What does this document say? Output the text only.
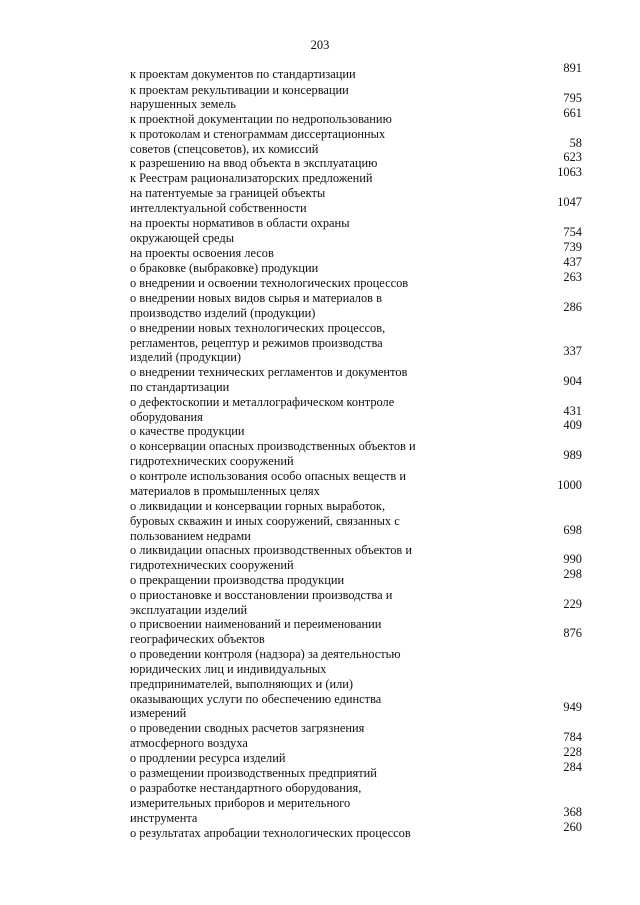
203
к проектам документов по стандартизации	891
к проектам рекультивации и консервации
нарушенных земель	795
к проектной документации по недропользованию	661
к протоколам и стенограммам диссертационных
советов (спецсоветов), их комиссий	58
к разрешению на ввод объекта в эксплуатацию	623
к Реестрам рационализаторских предложений	1063
на патентуемые за границей объекты
интеллектуальной собственности	1047
на проекты нормативов в области охраны
окружающей среды	754
на проекты освоения лесов	739
о браковке (выбраковке) продукции	437
о внедрении и освоении технологических процессов	263
о внедрении новых видов сырья и материалов в
производство изделий (продукции)	286
о внедрении новых технологических процессов,
регламентов, рецептур и режимов производства
изделий (продукции)	337
о внедрении технических регламентов и документов
по стандартизации	904
о дефектоскопии и металлографическом контроле
оборудования	431
о качестве продукции	409
о консервации опасных производственных объектов и
гидротехнических сооружений	989
о контроле использования особо опасных веществ и
материалов в промышленных целях	1000
о ликвидации и консервации горных выработок,
буровых скважин и иных сооружений, связанных с
пользованием недрами	698
о ликвидации опасных производственных объектов и
гидротехнических сооружений	990
о прекращении производства продукции	298
о приостановке и восстановлении производства и
эксплуатации изделий	229
о присвоении наименований и переименовании
географических объектов	876
о проведении контроля (надзора) за деятельностью
юридических лиц и индивидуальных
предпринимателей, выполняющих и (или)
оказывающих услуги по обеспечению единства
измерений	949
о проведении сводных расчетов загрязнения
атмосферного воздуха	784
о продлении ресурса изделий	228
о размещении производственных предприятий	284
о разработке нестандартного оборудования,
измерительных приборов и мерительного
инструмента	368
о результатах апробации технологических процессов	260
